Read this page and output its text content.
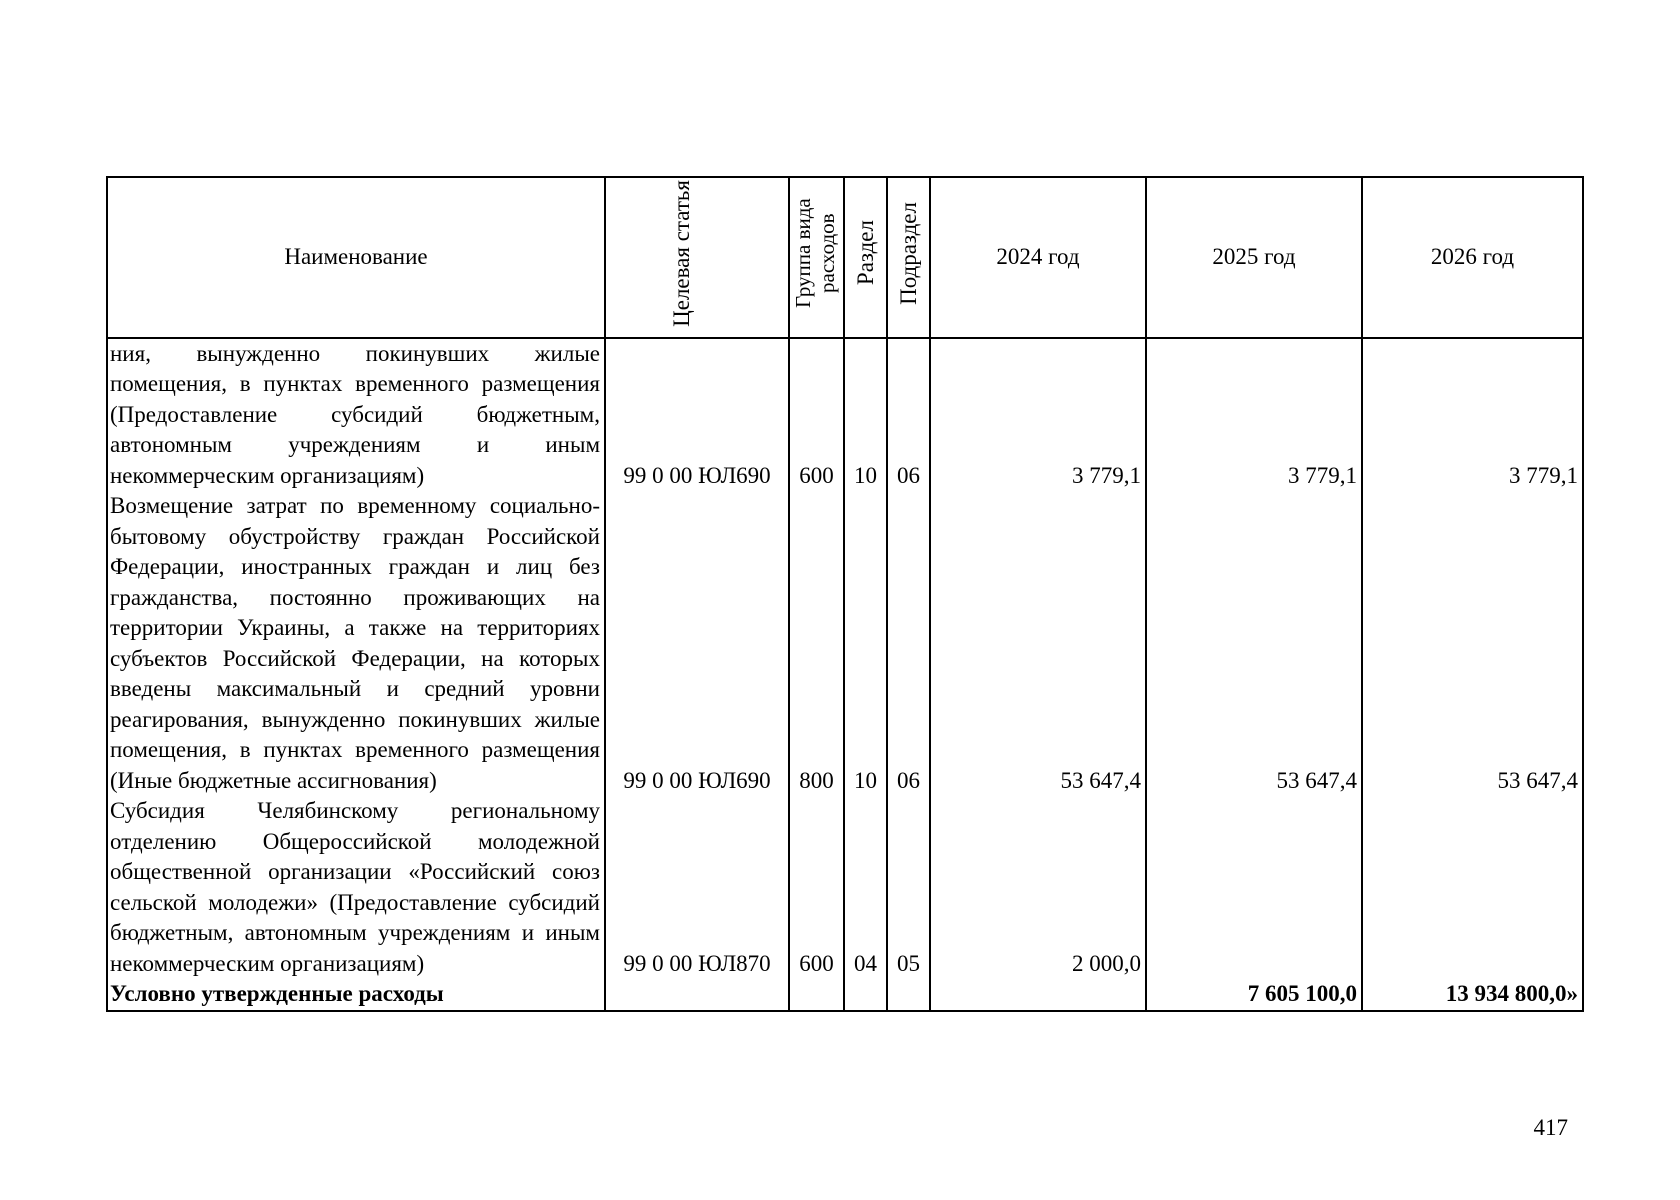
Наименование	Целевая статья	Группа вида расходов	Раздел	Подраздел	2024 год	2025 год	2026 год

ния, вынужденно покинувших жилые помещения, в пунктах временного размещения (Предоставление субсидий бюджетным, автономным учреждениям и иным некоммерческим организациям)	99 0 00 ЮЛ690	600	10	06	3 779,1	3 779,1	3 779,1

Возмещение затрат по временному социально-бытовому обустройству граждан Российской Федерации, иностранных граждан и лиц без гражданства, постоянно проживающих на территории Украины, а также на территориях субъектов Российской Федерации, на которых введены максимальный и средний уровни реагирования, вынужденно покинувших жилые помещения, в пунктах временного размещения (Иные бюджетные ассигнования)	99 0 00 ЮЛ690	800	10	06	53 647,4	53 647,4	53 647,4

Субсидия Челябинскому региональному отделению Общероссийской молодежной общественной организации «Российский союз сельской молодежи» (Предоставление субсидий бюджетным, автономным учреждениям и иным некоммерческим организациям)	99 0 00 ЮЛ870	600	04	05	2 000,0		

Условно утвержденные расходы						7 605 100,0	13 934 800,0»
417
